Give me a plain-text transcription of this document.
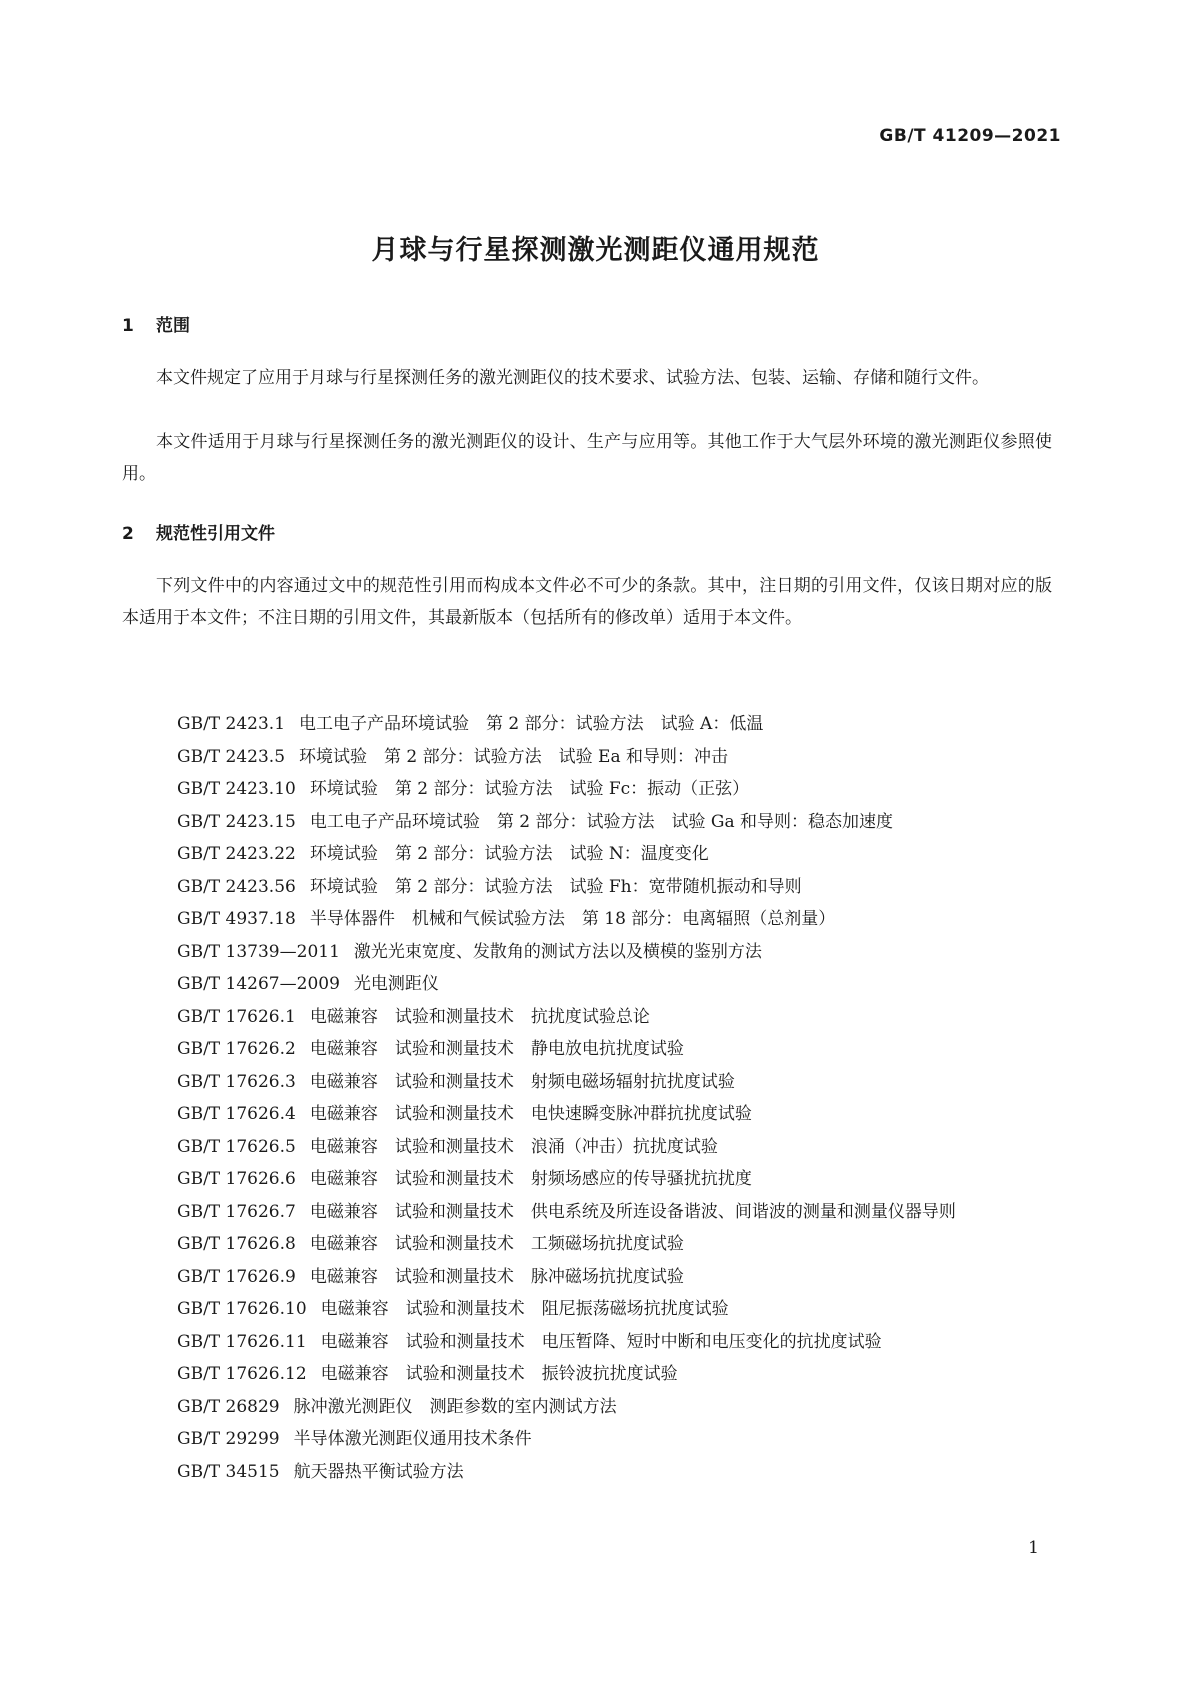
GB/T 41209—2021
月球与行星探测激光测距仪通用规范
1 范围
本文件规定了应用于月球与行星探测任务的激光测距仪的技术要求、试验方法、包装、运输、存储和随行文件。
本文件适用于月球与行星探测任务的激光测距仪的设计、生产与应用等。其他工作于大气层外环境的激光测距仪参照使用。
2 规范性引用文件
下列文件中的内容通过文中的规范性引用而构成本文件必不可少的条款。其中，注日期的引用文件，仅该日期对应的版本适用于本文件；不注日期的引用文件，其最新版本（包括所有的修改单）适用于本文件。
GB/T 2423.1 电工电子产品环境试验　第 2 部分：试验方法　试验 A：低温
GB/T 2423.5 环境试验　第 2 部分：试验方法　试验 Ea 和导则：冲击
GB/T 2423.10 环境试验　第 2 部分：试验方法　试验 Fc：振动（正弦）
GB/T 2423.15 电工电子产品环境试验　第 2 部分：试验方法　试验 Ga 和导则：稳态加速度
GB/T 2423.22 环境试验　第 2 部分：试验方法　试验 N：温度变化
GB/T 2423.56 环境试验　第 2 部分：试验方法　试验 Fh：宽带随机振动和导则
GB/T 4937.18 半导体器件　机械和气候试验方法　第 18 部分：电离辐照（总剂量）
GB/T 13739—2011 激光光束宽度、发散角的测试方法以及横模的鉴别方法
GB/T 14267—2009 光电测距仪
GB/T 17626.1 电磁兼容　试验和测量技术　抗扰度试验总论
GB/T 17626.2 电磁兼容　试验和测量技术　静电放电抗扰度试验
GB/T 17626.3 电磁兼容　试验和测量技术　射频电磁场辐射抗扰度试验
GB/T 17626.4 电磁兼容　试验和测量技术　电快速瞬变脉冲群抗扰度试验
GB/T 17626.5 电磁兼容　试验和测量技术　浪涌（冲击）抗扰度试验
GB/T 17626.6 电磁兼容　试验和测量技术　射频场感应的传导骚扰抗扰度
GB/T 17626.7 电磁兼容　试验和测量技术　供电系统及所连设备谐波、间谐波的测量和测量仪器导则
GB/T 17626.8 电磁兼容　试验和测量技术　工频磁场抗扰度试验
GB/T 17626.9 电磁兼容　试验和测量技术　脉冲磁场抗扰度试验
GB/T 17626.10 电磁兼容　试验和测量技术　阻尼振荡磁场抗扰度试验
GB/T 17626.11 电磁兼容　试验和测量技术　电压暂降、短时中断和电压变化的抗扰度试验
GB/T 17626.12 电磁兼容　试验和测量技术　振铃波抗扰度试验
GB/T 26829 脉冲激光测距仪　测距参数的室内测试方法
GB/T 29299 半导体激光测距仪通用技术条件
GB/T 34515 航天器热平衡试验方法
1
